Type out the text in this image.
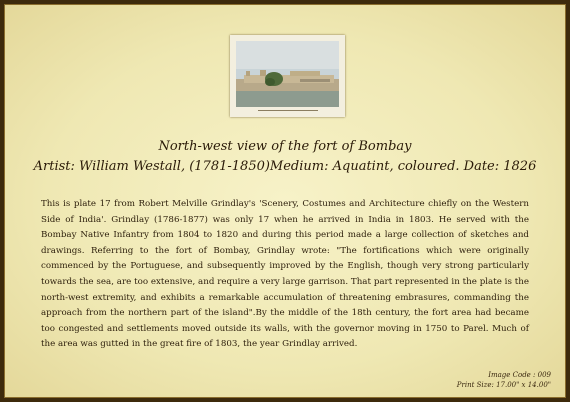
North-west view of the fort of Bombay
Artist: William Westall, (1781-1850)Medium: Aquatint, coloured. Date: 1826
This is plate 17 from Robert Melville Grindlay's 'Scenery, Costumes and Architecture chiefly on the Western Side of India'. Grindlay (1786-1877) was only 17 when he arrived in India in 1803. He served with the Bombay Native Infantry from 1804 to 1820 and during this period made a large collection of sketches and drawings. Referring to the fort of Bombay, Grindlay wrote: "The fortifications which were originally commenced by the Portuguese, and subsequently improved by the English, though very strong particularly towards the sea, are too extensive, and require a very large garrison. That part represented in the plate is the north-west extremity, and exhibits a remarkable accumulation of threatening embrasures, commanding the approach from the northern part of the island".By the middle of the 18th century, the fort area had became too congested and settlements moved outside its walls, with the governor moving in 1750 to Parel. Much of the area was gutted in the great fire of 1803, the year Grindlay arrived.
Image Code : 009
Print Size: 17.00" x 14.00"
